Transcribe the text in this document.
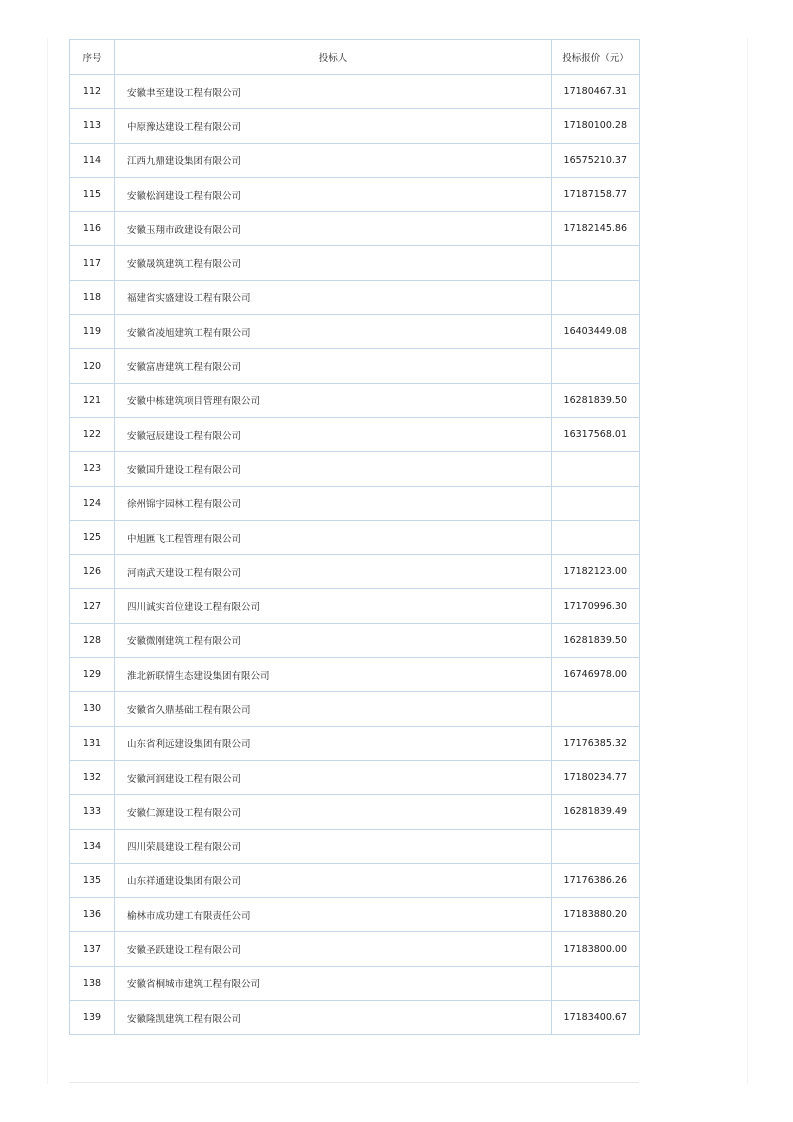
序号	投标人	投标报价（元）
112	安徽聿至建设工程有限公司	17180467.31
113	中原豫达建设工程有限公司	17180100.28
114	江西九鼎建设集团有限公司	16575210.37
115	安徽松润建设工程有限公司	17187158.77
116	安徽玉翔市政建设有限公司	17182145.86
117	安徽晟筑建筑工程有限公司	
118	福建省实盛建设工程有限公司	
119	安徽省凌旭建筑工程有限公司	16403449.08
120	安徽富唐建筑工程有限公司	
121	安徽中栋建筑项目管理有限公司	16281839.50
122	安徽冠辰建设工程有限公司	16317568.01
123	安徽国升建设工程有限公司	
124	徐州锦宇园林工程有限公司	
125	中旭匯飞工程管理有限公司	
126	河南武天建设工程有限公司	17182123.00
127	四川诚实首位建设工程有限公司	17170996.30
128	安徽微刚建筑工程有限公司	16281839.50
129	淮北新联情生态建设集团有限公司	16746978.00
130	安徽省久鼎基础工程有限公司	
131	山东省利远建设集团有限公司	17176385.32
132	安徽河润建设工程有限公司	17180234.77
133	安徽仁源建设工程有限公司	16281839.49
134	四川荣晨建设工程有限公司	
135	山东祥通建设集团有限公司	17176386.26
136	榆林市成功建工有限责任公司	17183880.20
137	安徽圣跃建设工程有限公司	17183800.00
138	安徽省桐城市建筑工程有限公司	
139	安徽隆凯建筑工程有限公司	17183400.67
